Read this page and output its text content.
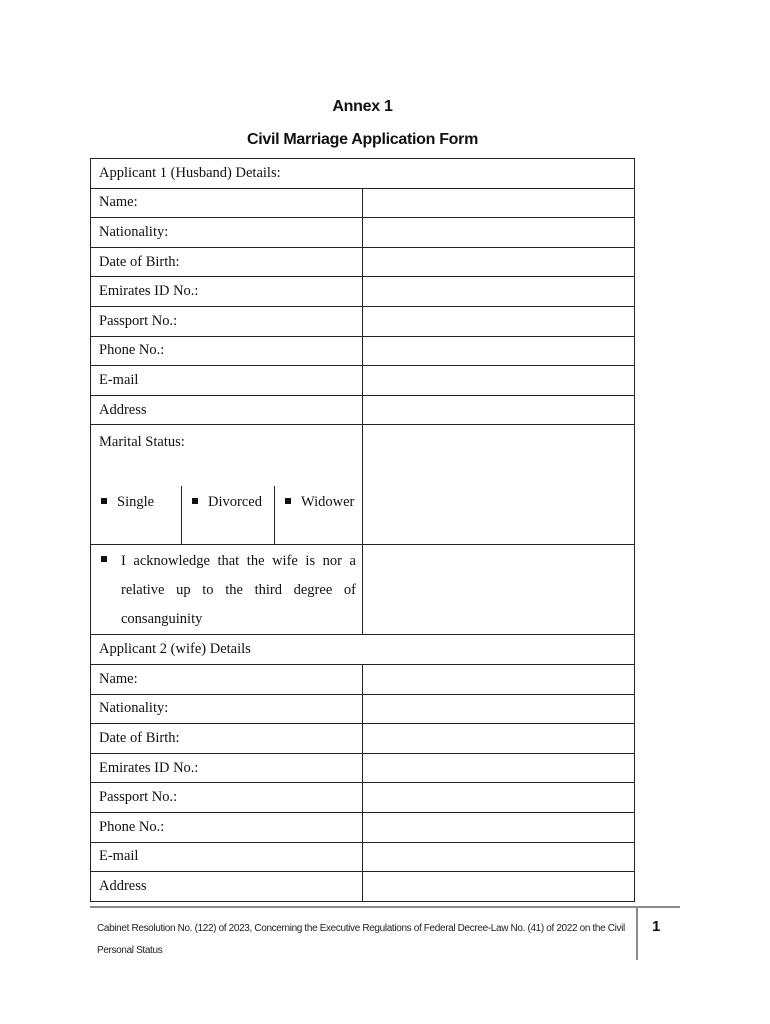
Annex 1
Civil Marriage Application Form
Applicant 1 (Husband) Details:	
Name:	
Nationality:	
Date of Birth:	
Emirates ID No.:	
Passport No.:	
Phone No.:	
E-mail	
Address	

Marital Status:
Single Divorced Widower	

I acknowledge that the wife is nor a relative up to the third degree of consanguinity	

Applicant 2 (wife) Details	
Name:	
Nationality:	
Date of Birth:	
Emirates ID No.:	
Passport No.:	
Phone No.:	
E-mail	
Address	
Cabinet Resolution No. (122) of 2023, Concerning the Executive Regulations of Federal Decree-Law No. (41) of 2022 on the Civil Personal Status
1
